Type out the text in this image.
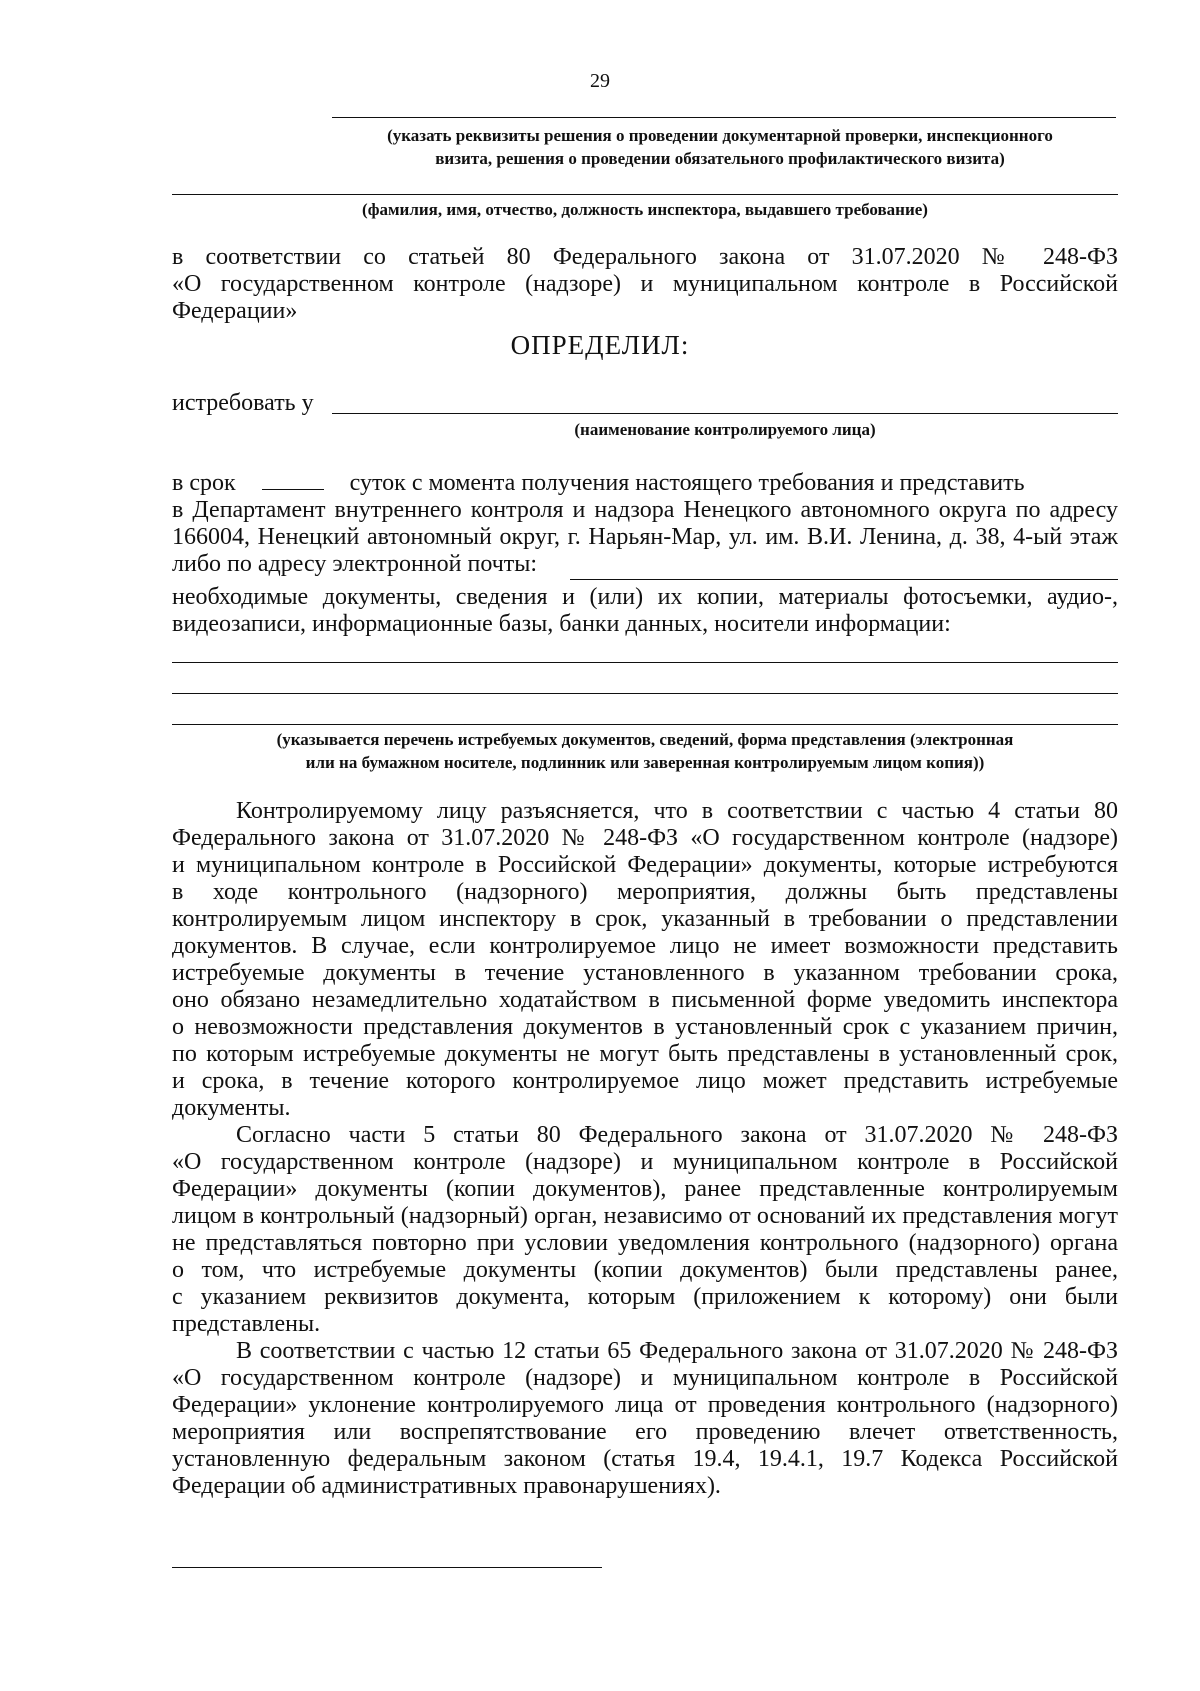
29
(указать реквизиты решения о проведении документарной проверки, инспекционного
визита, решения о проведении обязательного профилактического визита)
(фамилия, имя, отчество, должность инспектора, выдавшего требование)
в соответствии со статьей 80 Федерального закона от 31.07.2020 № 248-ФЗ
«О государственном контроле (надзоре) и муниципальном контроле в Российской
Федерации»
ОПРЕДЕЛИЛ:
истребовать у
(наименование контролируемого лица)
в срок	суток с момента получения настоящего требования и представить
в Департамент внутреннего контроля и надзора Ненецкого автономного округа по адресу
166004, Ненецкий автономный округ, г. Нарьян-Мар, ул. им. В.И. Ленина, д. 38, 4-ый этаж
либо по адресу электронной почты:
необходимые документы, сведения и (или) их копии, материалы фотосъемки, аудио-,
видеозаписи, информационные базы, банки данных, носители информации:
(указывается перечень истребуемых документов, сведений, форма представления (электронная
или на бумажном носителе, подлинник или заверенная контролируемым лицом копия))
Контролируемому лицу разъясняется, что в соответствии с частью 4 статьи 80
Федерального закона от 31.07.2020 № 248-ФЗ «О государственном контроле (надзоре)
и муниципальном контроле в Российской Федерации» документы, которые истребуются
в ходе контрольного (надзорного) мероприятия, должны быть представлены
контролируемым лицом инспектору в срок, указанный в требовании о представлении
документов. В случае, если контролируемое лицо не имеет возможности представить
истребуемые документы в течение установленного в указанном требовании срока,
оно обязано незамедлительно ходатайством в письменной форме уведомить инспектора
о невозможности представления документов в установленный срок с указанием причин,
по которым истребуемые документы не могут быть представлены в установленный срок,
и срока, в течение которого контролируемое лицо может представить истребуемые
документы.
Согласно части 5 статьи 80 Федерального закона от 31.07.2020 № 248-ФЗ
«О государственном контроле (надзоре) и муниципальном контроле в Российской
Федерации» документы (копии документов), ранее представленные контролируемым
лицом в контрольный (надзорный) орган, независимо от оснований их представления могут
не представляться повторно при условии уведомления контрольного (надзорного) органа
о том, что истребуемые документы (копии документов) были представлены ранее,
с указанием реквизитов документа, которым (приложением к которому) они были
представлены.
В соответствии с частью 12 статьи 65 Федерального закона от 31.07.2020 № 248-ФЗ
«О государственном контроле (надзоре) и муниципальном контроле в Российской
Федерации» уклонение контролируемого лица от проведения контрольного (надзорного)
мероприятия или воспрепятствование его проведению влечет ответственность,
установленную федеральным законом (статья 19.4, 19.4.1, 19.7 Кодекса Российской
Федерации об административных правонарушениях).
